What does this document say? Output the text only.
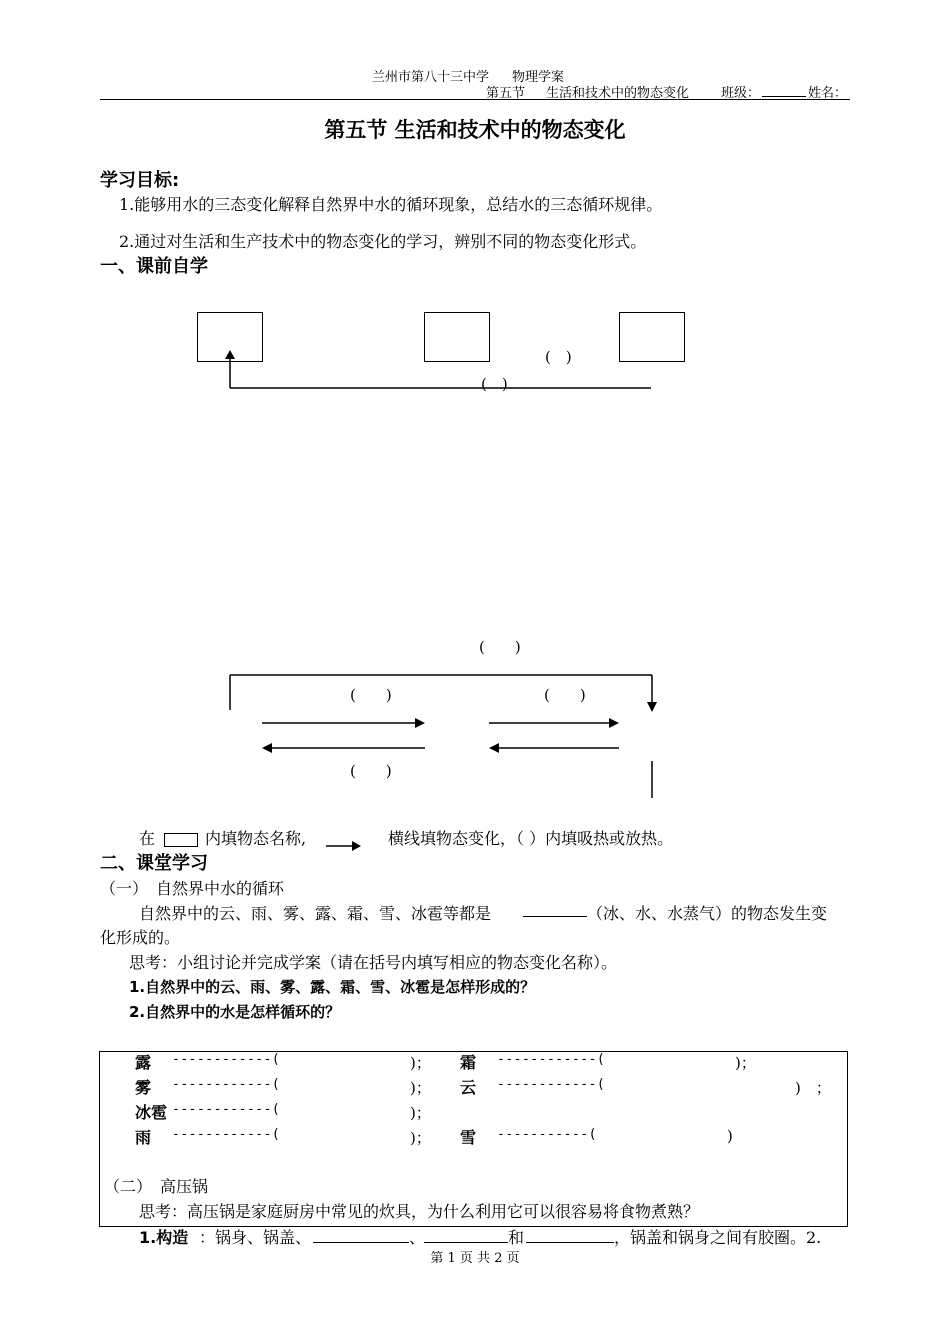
兰州市第八十三中学 物理学案
第五节 生活和技术中的物态变化 班级：	姓名：
第五节 生活和技术中的物态变化
学习目标:
1.能够用水的三态变化解释自然界中水的循环现象，总结水的三态循环规律。
2.通过对生活和生产技术中的物态变化的学习，辨别不同的物态变化形式。
一、课前自学
(　)
(　)
(　　)
(　　)	(　　)
(　　)
在	内填物态名称,	横线填物态变化，（ ）内填吸热或放热。
二、课堂学习
（一）　自然界中水的循环
自然界中的云、雨、雾、露、霜、雪、冰雹等都是	（冰、水、水蒸气）的物态发生变
化形成的。
思考：小组讨论并完成学案（请在括号内填写相应的物态变化名称）。
1.自然界中的云、雨、雾、露、霜、雪、冰雹是怎样形成的？
2.自然界中的水是怎样循环的？
露 ------------(	)； 霜 ------------(	)；
雾 ------------(	)； 云 ------------(	)　；
冰雹 ------------(	)；
雨 ------------(	)； 雪 -----------(	)
（二）　高压锅
思考：高压锅是家庭厨房中常见的炊具，为什么利用它可以很容易将食物煮熟？
1.构造 ：锅身、锅盖、	、	和	，锅盖和锅身之间有胶圈。2.
第 1 页 共 2 页
